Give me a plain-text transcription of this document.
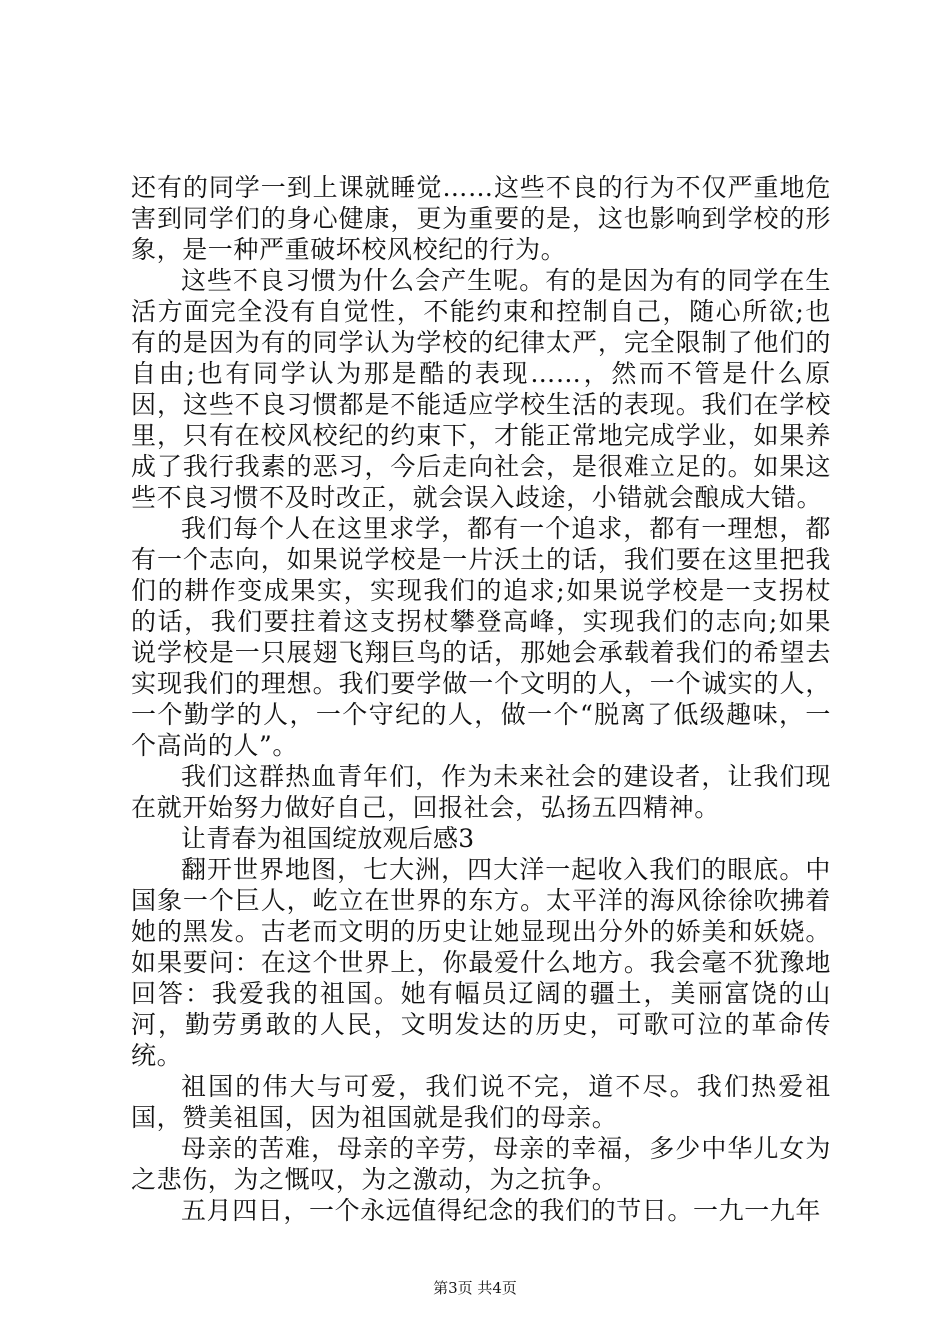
还有的同学一到上课就睡觉……这些不良的行为不仅严重地危害到同学们的身心健康，更为重要的是，这也影响到学校的形象，是一种严重破坏校风校纪的行为。

这些不良习惯为什么会产生呢。有的是因为有的同学在生活方面完全没有自觉性，不能约束和控制自己，随心所欲;也有的是因为有的同学认为学校的纪律太严，完全限制了他们的自由;也有同学认为那是酷的表现……，然而不管是什么原因，这些不良习惯都是不能适应学校生活的表现。我们在学校里，只有在校风校纪的约束下，才能正常地完成学业，如果养成了我行我素的恶习，今后走向社会，是很难立足的。如果这些不良习惯不及时改正，就会误入歧途，小错就会酿成大错。

我们每个人在这里求学，都有一个追求，都有一理想，都有一个志向，如果说学校是一片沃土的话，我们要在这里把我们的耕作变成果实，实现我们的追求;如果说学校是一支拐杖的话，我们要拄着这支拐杖攀登高峰，实现我们的志向;如果说学校是一只展翅飞翔巨鸟的话，那她会承载着我们的希望去实现我们的理想。我们要学做一个文明的人，一个诚实的人，一个勤学的人，一个守纪的人，做一个“脱离了低级趣味，一个高尚的人”。

我们这群热血青年们，作为未来社会的建设者，让我们现在就开始努力做好自己，回报社会，弘扬五四精神。

让青春为祖国绽放观后感3

翻开世界地图，七大洲，四大洋一起收入我们的眼底。中国象一个巨人，屹立在世界的东方。太平洋的海风徐徐吹拂着她的黑发。古老而文明的历史让她显现出分外的娇美和妖娆。如果要问：在这个世界上，你最爱什么地方。我会毫不犹豫地回答：我爱我的祖国。她有幅员辽阔的疆土，美丽富饶的山河，勤劳勇敢的人民，文明发达的历史，可歌可泣的革命传统。

祖国的伟大与可爱，我们说不完，道不尽。我们热爱祖国，赞美祖国，因为祖国就是我们的母亲。

母亲的苦难，母亲的辛劳，母亲的幸福，多少中华儿女为之悲伤，为之慨叹，为之激动，为之抗争。

五月四日，一个永远值得纪念的我们的节日。一九一九年

第3页 共4页
